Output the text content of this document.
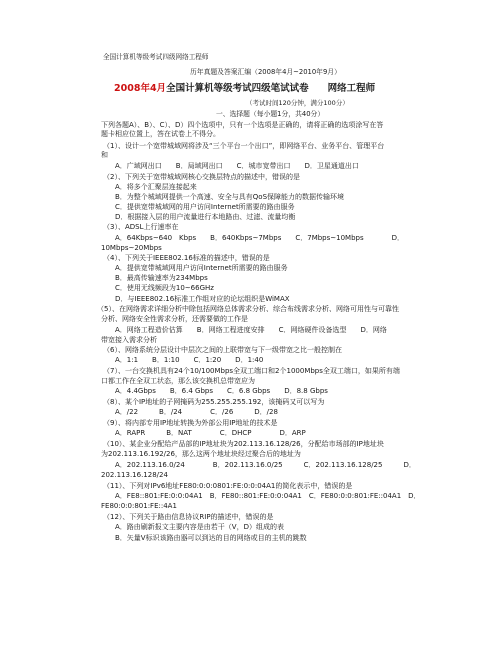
全国计算机等级考试四级网络工程师
历年真题及答案汇编（2008年4月~2010年9月）
2008年4月全国计算机等级考试四级笔试试卷　　网络工程师
（考试时间120分钟，满分100分）
一、选择题（每小题1分，共40分）
下列各题A）、B）、C）、D）四个选项中，只有一个选项是正确的，请将正确的选项涂写在答
题卡相应位置上，答在试卷上不得分。
（1）、设计一个宽带城域网将涉及“三个平台一个出口”，即网络平台、业务平台、管理平台
和
A．广域网出口　　B．局域网出口　　C．城市宽带出口　　D．卫星通道出口
（2）、下列关于宽带城域网核心交换层特点的描述中，错误的是
A．将多个汇聚层连接起来
B．为整个城域网提供一个高速、安全与具有QoS保障能力的数据传输环境
C．提供宽带城域网的用户访问Internet所需要的路由服务
D．根据接入层的用户流量进行本地路由、过滤、流量均衡
（3）、ADSL上行速率在
A．64Kbps~640　Kbps　　B．640Kbps~7Mbps　　C．7Mbps~10Mbps　　　　D．
10Mbps~20Mbps
（4）、下列关于IEEE802.16标准的描述中，错误的是
A．提供宽带城域网用户访问Internet所需要的路由服务
B．最高传输速率为234Mbps
C．使用无线频段为10~66GHz
D．与IEEE802.16标准工作组对应的论坛组织是WiMAX
（5）、在网络需求详细分析中除包括网络总体需求分析、综合布线需求分析、网络可用性与可靠性
分析、网络安全性需求分析，还需要做的工作是
A．网络工程造价估算　　B．网络工程进度安排　　C．网络硬件设备选型　　D．网络
带宽接入需求分析
（6）、网络系统分层设计中层次之间的上联带宽与下一级带宽之比一般控制在
A．1:1　　B．1:10　　C．1:20　　D．1:40
（7）、一台交换机具有24个10/100Mbps全双工端口和2个1000Mbps全双工端口，如果所有端
口都工作在全双工状态，那么该交换机总带宽应为
A．4.4Gbps　　B．6.4 Gbps　　C．6.8 Gbps　　D．8.8 Gbps
（8）、某个IP地址的子网掩码为255.255.255.192，该掩码又可以写为
A．/22　　　B．/24　　　　C．/26　　　D．/28
（9）、将内部专用IP地址转换为外部公用IP地址的技术是
A．RAPR　　　B．NAT　　　　C．DHCP　　　　D．ARP
（10）、某企业分配给产品部的IP地址块为202.113.16.128/26，分配给市场部的IP地址块
为202.113.16.192/26，那么这两个地址块经过聚合后的地址为
A．202.113.16.0/24　　　　B．202.113.16.0/25　　　C．202.113.16.128/25　　　D．
202.113.16.128/24
（11）、下列对IPv6地址FE80:0:0:0801:FE:0:0:04A1的简化表示中，错误的是
A．FE8::801:FE:0:0:04A1　B．FE80::801:FE:0:0:04A1　C．FE80:0:0:801:FE::04A1　D．
FE80:0:0:801:FE::4A1
（12）、下列关于路由信息协议RIP的描述中，错误的是
A．路由刷新报文主要内容是由若干（V，D）组成的表
B．矢量V标识该路由器可以到达的目的网络或目的主机的跳数
